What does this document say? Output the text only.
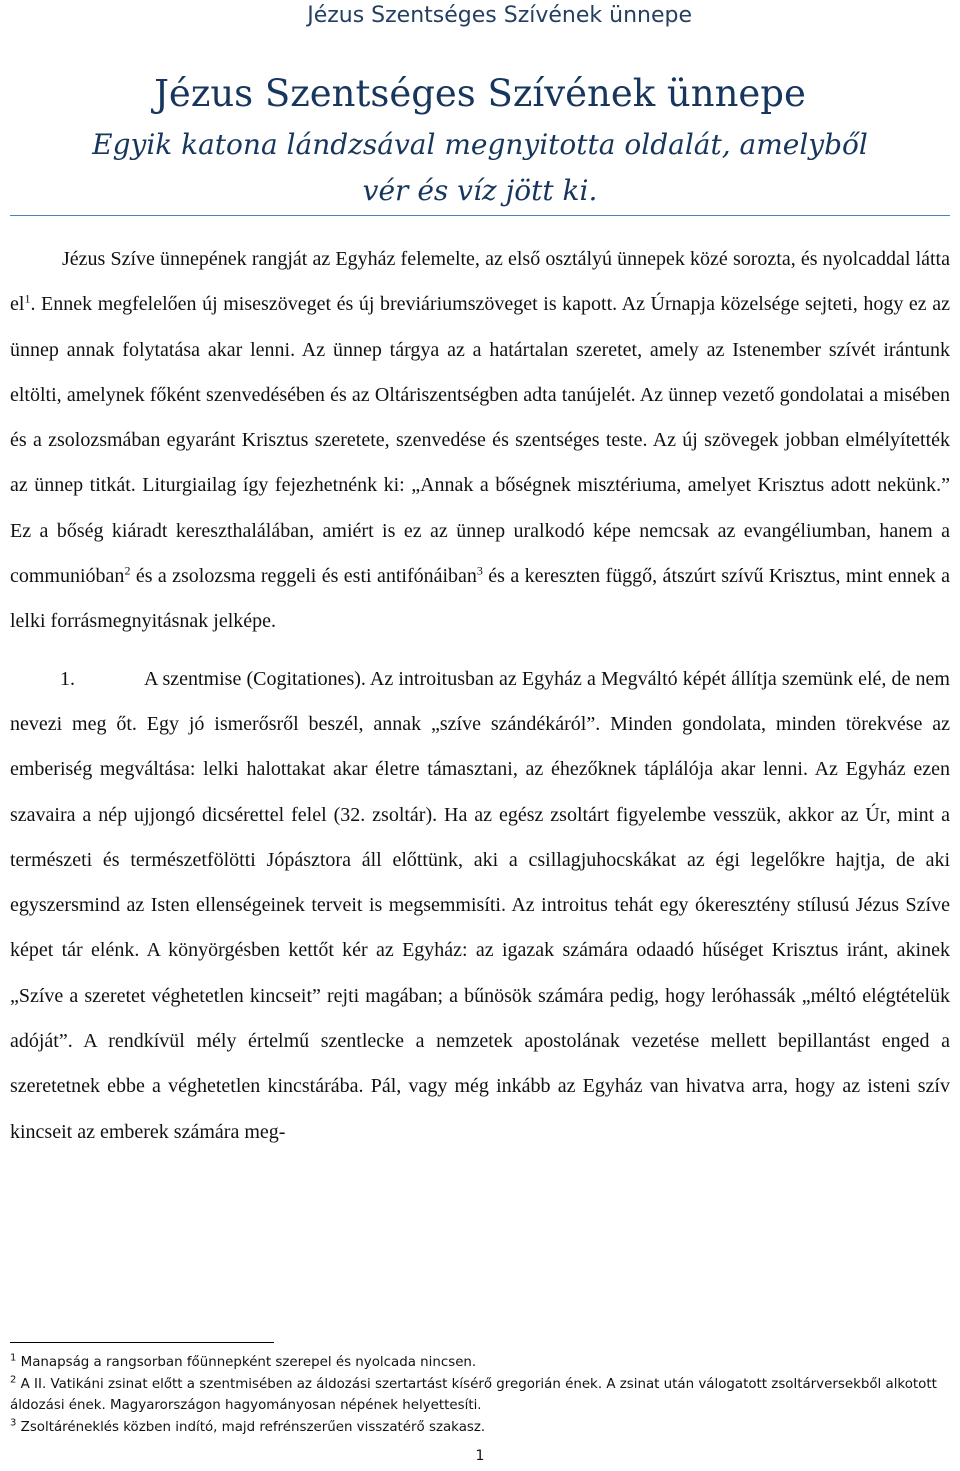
Jézus Szentséges Szívének ünnepe
Jézus Szentséges Szívének ünnepe

Egyik katona lándzsával megnyitotta oldalát, amelyből vér és víz jött ki.

Jézus Szíve ünnepének rangját az Egyház felemelte, az első osztályú ünnepek közé sorozta, és nyolcaddal látta $el^1$. Ennek megfelelően új miseszöveget és új breviáriumszöveget is kapott. Az Úrnapja közelsége sejteti, hogy ez az ünnep annak folytatása akar lenni. Az ünnep tárgya az a határtalan szeretet, amely az Istenember szívét irántunk eltölti, amelynek főként szenvedésében és az Oltáriszentségben adta tanújelét. Az ünnep vezető gondolatai a misében és a zsolozsmában egyaránt Krisztus szeretete, szenvedése és szentséges teste. Az új szövegek jobban elmélyítették az ünnep titkát. Liturgiailag így fejezhetnénk ki: „Annak a bőségnek misztériuma, amelyet Krisztus adott nekünk.” Ez a bőség kiáradt kereszthalálában, amiért is ez az ünnep uralkodó képe nemcsak az evangéliumban, hanem a communióban$^2$ és a zsolozsma reggeli és esti antifónáiban$^3$ és a kereszten függő, átszúrt szívű Krisztus, mint ennek a lelki forrásmegnyitásnak jelképe.

1.	A szentmise (Cogitationes). Az introitusban az Egyház a Megváltó képét állítja szemünk elé, de nem nevezi meg őt. Egy jó ismerősről beszél, annak „szíve szándékáról”. Minden gondolata, minden törekvése az emberiség megváltása: lelki halottakat akar életre támasztani, az éhezőknek táplálója akar lenni. Az Egyház ezen szavaira a nép ujjongó dicsérettel felel (32. zsoltár). Ha az egész zsoltárt figyelembe vesszük, akkor az Úr, mint a természeti és természetfölötti Jópásztora áll előttünk, aki a csillagjuhocskákat az égi legelőkre hajtja, de aki egyszersmind az Isten ellenségeinek terveit is megsemmisíti. Az introitus tehát egy ókeresztény stílusú Jézus Szíve képet tár elénk. A könyörgésben kettőt kér az Egyház: az igazak számára odaadó hűséget Krisztus iránt, akinek „Szíve a szeretet véghetetlen kincseit” rejti magában; a bűnösök számára pedig, hogy leróhassák „méltó elégtételük adóját”. A rendkívül mély értelmű szentlecke a nemzetek apostolának vezetése mellett bepillantást enged a szeretetnek ebbe a véghetetlen kincstárába. Pál, vagy még inkább az Egyház van hivatva arra, hogy az isteni szív kincseit az emberek számára meg-

$^1$ Manapság a rangsorban főünnepként szerepel és nyolcada nincsen.

$^2$ A II. Vatikáni zsinat előtt a szentmisében az áldozási szertartást kísérő gregorián ének. A zsinat után válogatott zsoltárversekből alkotott áldozási ének. Magyarországon hagyományosan népének helyettesíti.

$^3$ Zsoltáréneklés közben indító, majd refrénszerűen visszatérő szakasz.

1
